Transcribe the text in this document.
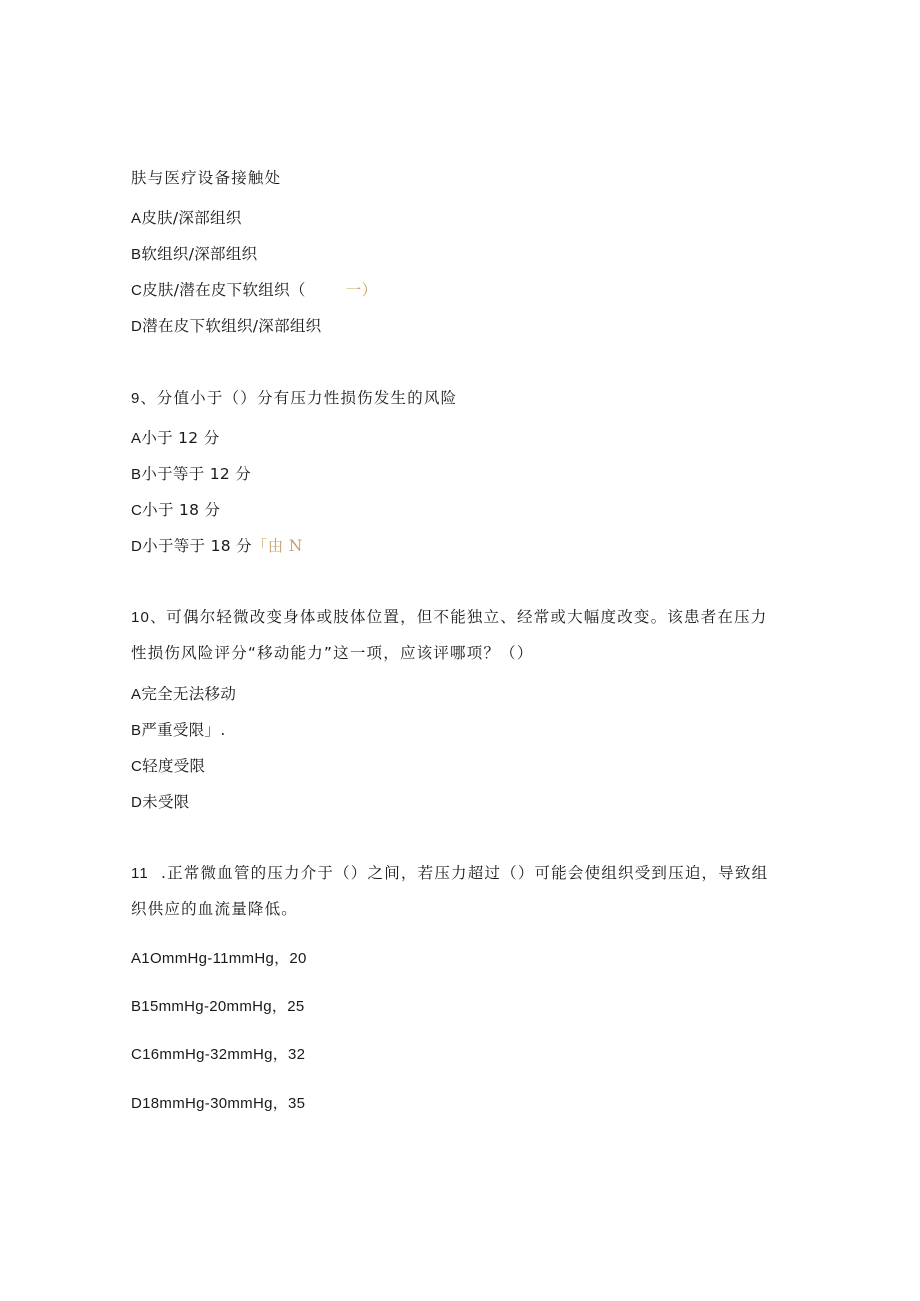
肤与医疗设备接触处
A皮肤/深部组织
B软组织/深部组织
C皮肤/潜在皮下软组织（	一）
D潜在皮下软组织/深部组织
9、分值小于（）分有压力性损伤发生的风险
A小于 12 分
B小于等于 12 分
C小于 18 分
D小于等于 18 分「由 N
10、可偶尔轻微改变身体或肢体位置，但不能独立、经常或大幅度改变。该患者在压力
性损伤风险评分“移动能力”这一项，应该评哪项？（）
A完全无法移动
B严重受限」.
C轻度受限
D未受限
11 .正常微血管的压力介于（）之间，若压力超过（）可能会使组织受到压迫，导致组
织供应的血流量降低。
A1OmmHg-11mmHg，20
B15mmHg-20mmHg，25
C16mmHg-32mmHg，32
D18mmHg-30mmHg，35
